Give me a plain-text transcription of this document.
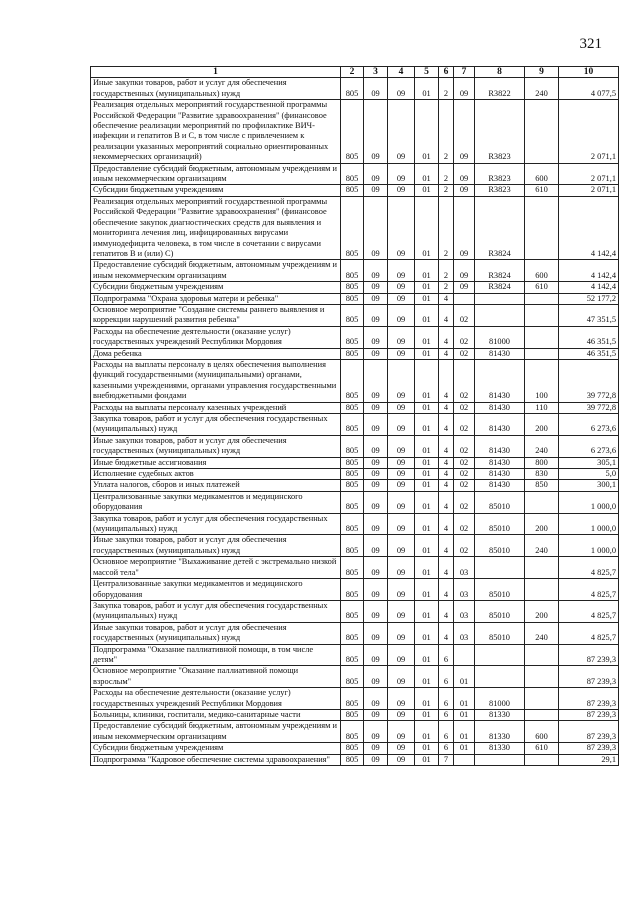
321
1	2	3	4	5	6	7	8	9	10
Иные закупки товаров, работ и услуг для обеспечения государственных (муниципальных) нужд	805	09	09	01	2	09	R3822	240	4 077,5
Реализация отдельных мероприятий государственной программы Российской Федерации "Развитие здравоохранения" (финансовое обеспечение реализации мероприятий по профилактике ВИЧ-инфекции и гепатитов В и С, в том числе с привлечением к реализации указанных мероприятий социально ориентированных некоммерческих организаций)	805	09	09	01	2	09	R3823		2 071,1
Предоставление субсидий бюджетным, автономным учреждениям и иным некоммерческим организациям	805	09	09	01	2	09	R3823	600	2 071,1
Субсидии бюджетным учреждениям	805	09	09	01	2	09	R3823	610	2 071,1
Реализация отдельных мероприятий государственной программы Российской Федерации "Развитие здравоохранения" (финансовое обеспечение закупок диагностических средств для выявления и мониторинга лечения лиц, инфицированных вирусами иммунодефицита человека, в том числе в сочетании с вирусами гепатитов В и (или) С)	805	09	09	01	2	09	R3824		4 142,4
Предоставление субсидий бюджетным, автономным учреждениям и иным некоммерческим организациям	805	09	09	01	2	09	R3824	600	4 142,4
Субсидии бюджетным учреждениям	805	09	09	01	2	09	R3824	610	4 142,4
Подпрограмма "Охрана здоровья матери и ребенка"	805	09	09	01	4				52 177,2
Основное мероприятие "Создание системы раннего выявления и коррекции нарушений развития ребенка"	805	09	09	01	4	02			47 351,5
Расходы на обеспечение деятельности (оказание услуг) государственных учреждений Республики Мордовия	805	09	09	01	4	02	81000		46 351,5
Дома ребенка	805	09	09	01	4	02	81430		46 351,5
Расходы на выплаты персоналу в целях обеспечения выполнения функций государственными (муниципальными) органами, казенными учреждениями, органами управления государственными внебюджетными фондами	805	09	09	01	4	02	81430	100	39 772,8
Расходы на выплаты персоналу казенных учреждений	805	09	09	01	4	02	81430	110	39 772,8
Закупка товаров, работ и услуг для обеспечения государственных (муниципальных) нужд	805	09	09	01	4	02	81430	200	6 273,6
Иные закупки товаров, работ и услуг для обеспечения государственных (муниципальных) нужд	805	09	09	01	4	02	81430	240	6 273,6
Иные бюджетные ассигнования	805	09	09	01	4	02	81430	800	305,1
Исполнение судебных актов	805	09	09	01	4	02	81430	830	5,0
Уплата налогов, сборов и иных платежей	805	09	09	01	4	02	81430	850	300,1
Централизованные закупки медикаментов и медицинского оборудования	805	09	09	01	4	02	85010		1 000,0
Закупка товаров, работ и услуг для обеспечения государственных (муниципальных) нужд	805	09	09	01	4	02	85010	200	1 000,0
Иные закупки товаров, работ и услуг для обеспечения государственных (муниципальных) нужд	805	09	09	01	4	02	85010	240	1 000,0
Основное мероприятие "Выхаживание детей с экстремально низкой массой тела"	805	09	09	01	4	03			4 825,7
Централизованные закупки медикаментов и медицинского оборудования	805	09	09	01	4	03	85010		4 825,7
Закупка товаров, работ и услуг для обеспечения государственных (муниципальных) нужд	805	09	09	01	4	03	85010	200	4 825,7
Иные закупки товаров, работ и услуг для обеспечения государственных (муниципальных) нужд	805	09	09	01	4	03	85010	240	4 825,7
Подпрограмма "Оказание паллиативной помощи, в том числе детям"	805	09	09	01	6				87 239,3
Основное мероприятие "Оказание паллиативной помощи взрослым"	805	09	09	01	6	01			87 239,3
Расходы на обеспечение деятельности (оказание услуг) государственных учреждений Республики Мордовия	805	09	09	01	6	01	81000		87 239,3
Больницы, клиники, госпитали, медико-санитарные части	805	09	09	01	6	01	81330		87 239,3
Предоставление субсидий бюджетным, автономным учреждениям и иным некоммерческим организациям	805	09	09	01	6	01	81330	600	87 239,3
Субсидии бюджетным учреждениям	805	09	09	01	6	01	81330	610	87 239,3
Подпрограмма "Кадровое обеспечение системы здравоохранения"	805	09	09	01	7				29,1
